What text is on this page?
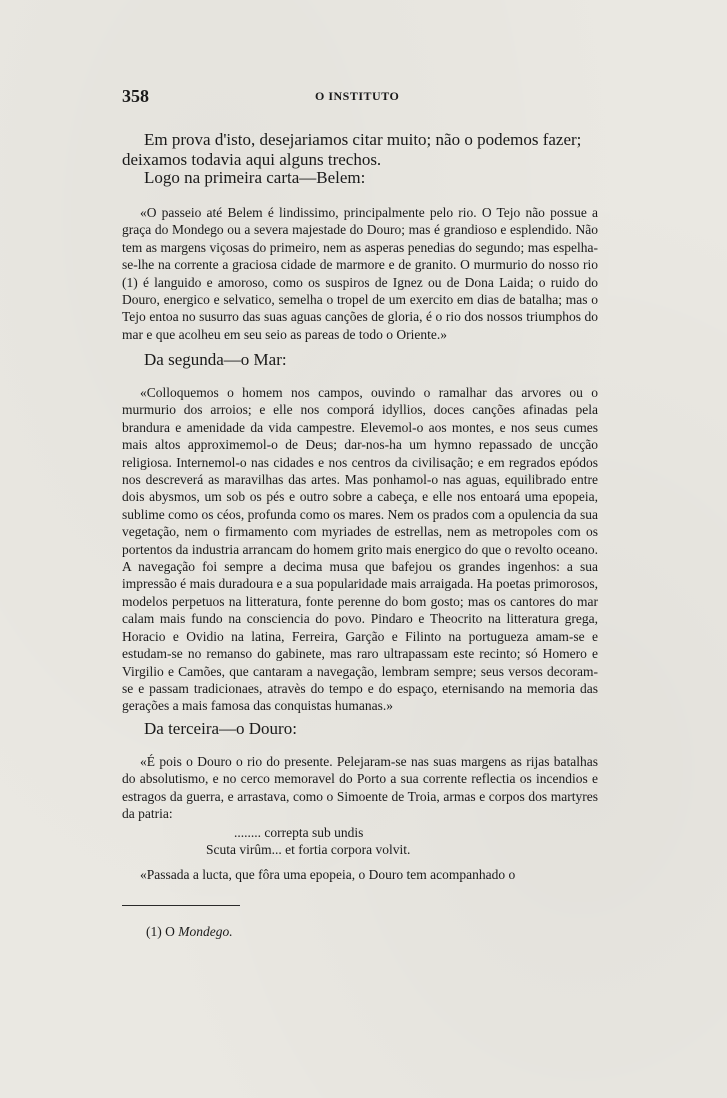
358	O INSTITUTO

Em prova d'isto, desejariamos citar muito; não o podemos fazer; deixamos todavia aqui alguns trechos.

Logo na primeira carta—Belem:

«O passeio até Belem é lindissimo, principalmente pelo rio. O Tejo não possue a graça do Mondego ou a severa majestade do Douro; mas é grandioso e esplendido. Não tem as margens viçosas do primeiro, nem as asperas penedias do segundo; mas espelha-se-lhe na corrente a graciosa cidade de marmore e de granito. O murmurio do nosso rio (1) é languido e amoroso, como os suspiros de Ignez ou de Dona Laida; o ruido do Douro, energico e selvatico, semelha o tropel de um exercito em dias de batalha; mas o Tejo entoa no susurro das suas aguas canções de gloria, é o rio dos nossos triumphos do mar e que acolheu em seu seio as pareas de todo o Oriente.»

Da segunda—o Mar:

«Colloquemos o homem nos campos, ouvindo o ramalhar das arvores ou o murmurio dos arroios; e elle nos comporá idyllios, doces canções afinadas pela brandura e amenidade da vida campestre. Elevemol-o aos montes, e nos seus cumes mais altos approximemol-o de Deus; dar-nos-ha um hymno repassado de uncção religiosa. Internemol-o nas cidades e nos centros da civilisação; e em regrados epódos nos descreverá as maravilhas das artes. Mas ponhamol-o nas aguas, equilibrado entre dois abysmos, um sob os pés e outro sobre a cabeça, e elle nos entoará uma epopeia, sublime como os céos, profunda como os mares. Nem os prados com a opulencia da sua vegetação, nem o firmamento com myriades de estrellas, nem as metropoles com os portentos da industria arrancam do homem grito mais energico do que o revolto oceano. A navegação foi sempre a decima musa que bafejou os grandes ingenhos: a sua impressão é mais duradoura e a sua popularidade mais arraigada. Ha poetas primorosos, modelos perpetuos na litteratura, fonte perenne do bom gosto; mas os cantores do mar calam mais fundo na consciencia do povo. Pindaro e Theocrito na litteratura grega, Horacio e Ovidio na latina, Ferreira, Garção e Filinto na portugueza amam-se e estudam-se no remanso do gabinete, mas raro ultrapassam este recinto; só Homero e Virgilio e Camões, que cantaram a navegação, lembram sempre; seus versos decoram-se e passam tradicionaes, atravès do tempo e do espaço, eternisando na memoria das gerações a mais famosa das conquistas humanas.»

Da terceira—o Douro:

«É pois o Douro o rio do presente. Pelejaram-se nas suas margens as rijas batalhas do absolutismo, e no cerco memoravel do Porto a sua corrente reflectia os incendios e estragos da guerra, e arrastava, como o Simoente de Troia, armas e corpos dos martyres da patria:

........ correpta sub undis
Scuta virûm... et fortia corpora volvit.

«Passada a lucta, que fôra uma epopeia, o Douro tem acompanhado o

(1) O Mondego.
